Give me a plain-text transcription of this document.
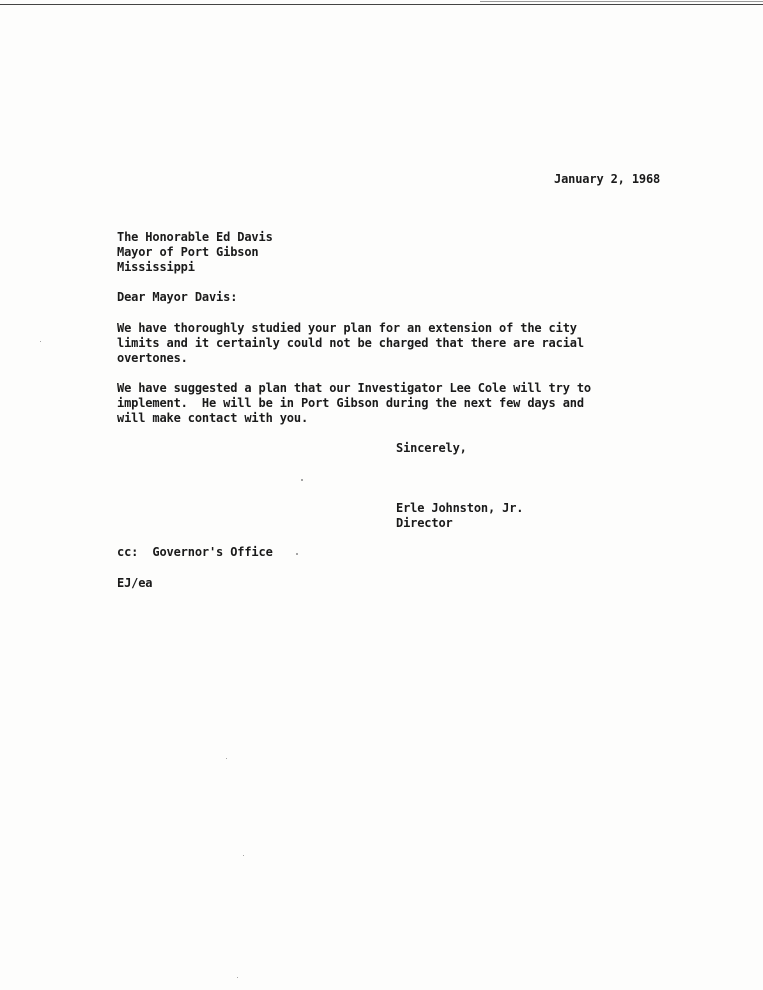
January 2, 1968
The Honorable Ed Davis
Mayor of Port Gibson
Mississippi
Dear Mayor Davis:
We have thoroughly studied your plan for an extension of the city
limits and it certainly could not be charged that there are racial
overtones.
We have suggested a plan that our Investigator Lee Cole will try to
implement.  He will be in Port Gibson during the next few days and
will make contact with you.
Sincerely,
Erle Johnston, Jr.
Director
cc:  Governor's Office
EJ/ea
